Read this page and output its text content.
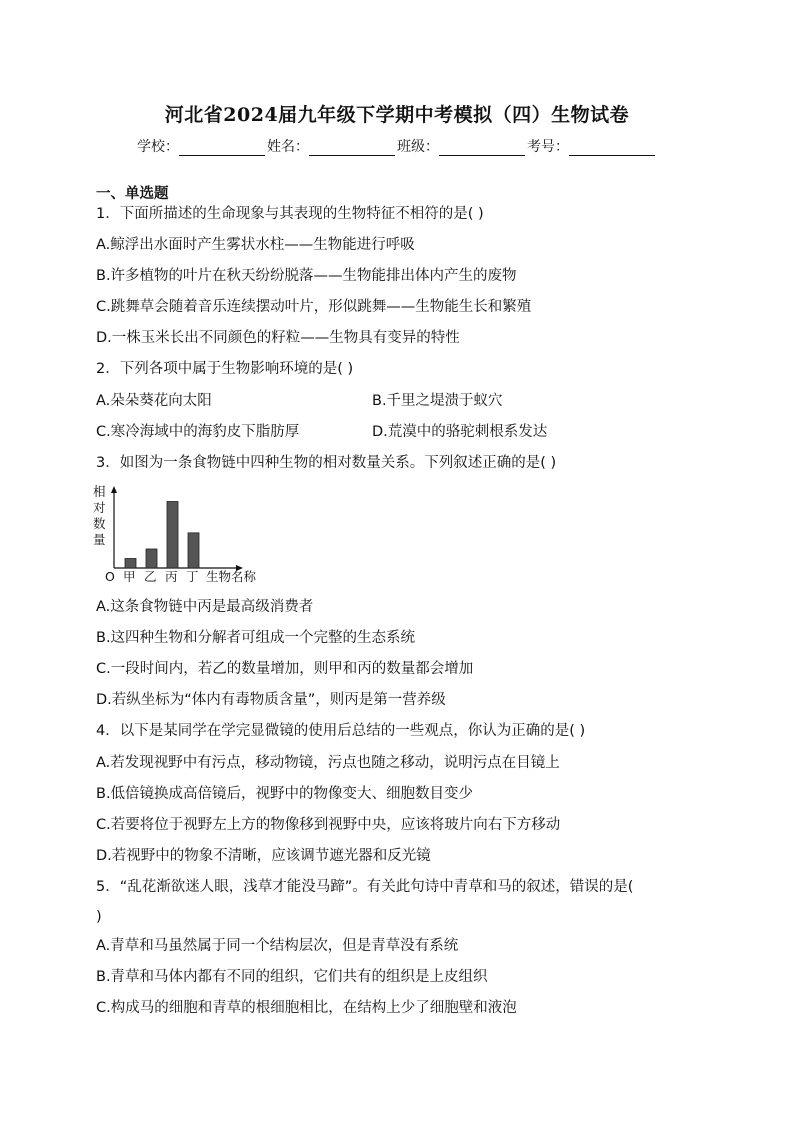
河北省2024届九年级下学期中考模拟（四）生物试卷
学校：	姓名：	班级：	考号：
一、单选题
1．下面所描述的生命现象与其表现的生物特征不相符的是( )
A.鲸浮出水面时产生雾状水柱——生物能进行呼吸
B.许多植物的叶片在秋天纷纷脱落——生物能排出体内产生的废物
C.跳舞草会随着音乐连续摆动叶片，形似跳舞——生物能生长和繁殖
D.一株玉米长出不同颜色的籽粒——生物具有变异的特性
2．下列各项中属于生物影响环境的是( )
A.朵朵葵花向太阳	B.千里之堤溃于蚁穴
C.寒冷海域中的海豹皮下脂肪厚	D.荒漠中的骆驼刺根系发达
3．如图为一条食物链中四种生物的相对数量关系。下列叙述正确的是( )
相
对
数
量
O 甲 乙 丙 丁 生物名称
A.这条食物链中丙是最高级消费者
B.这四种生物和分解者可组成一个完整的生态系统
C.一段时间内，若乙的数量增加，则甲和丙的数量都会增加
D.若纵坐标为“体内有毒物质含量”，则丙是第一营养级
4．以下是某同学在学完显微镜的使用后总结的一些观点，你认为正确的是( )
A.若发现视野中有污点，移动物镜，污点也随之移动，说明污点在目镜上
B.低倍镜换成高倍镜后，视野中的物像变大、细胞数目变少
C.若要将位于视野左上方的物像移到视野中央，应该将玻片向右下方移动
D.若视野中的物象不清晰，应该调节遮光器和反光镜
5．“乱花渐欲迷人眼，浅草才能没马蹄”。有关此句诗中青草和马的叙述，错误的是(
)
A.青草和马虽然属于同一个结构层次，但是青草没有系统
B.青草和马体内都有不同的组织，它们共有的组织是上皮组织
C.构成马的细胞和青草的根细胞相比，在结构上少了细胞壁和液泡
